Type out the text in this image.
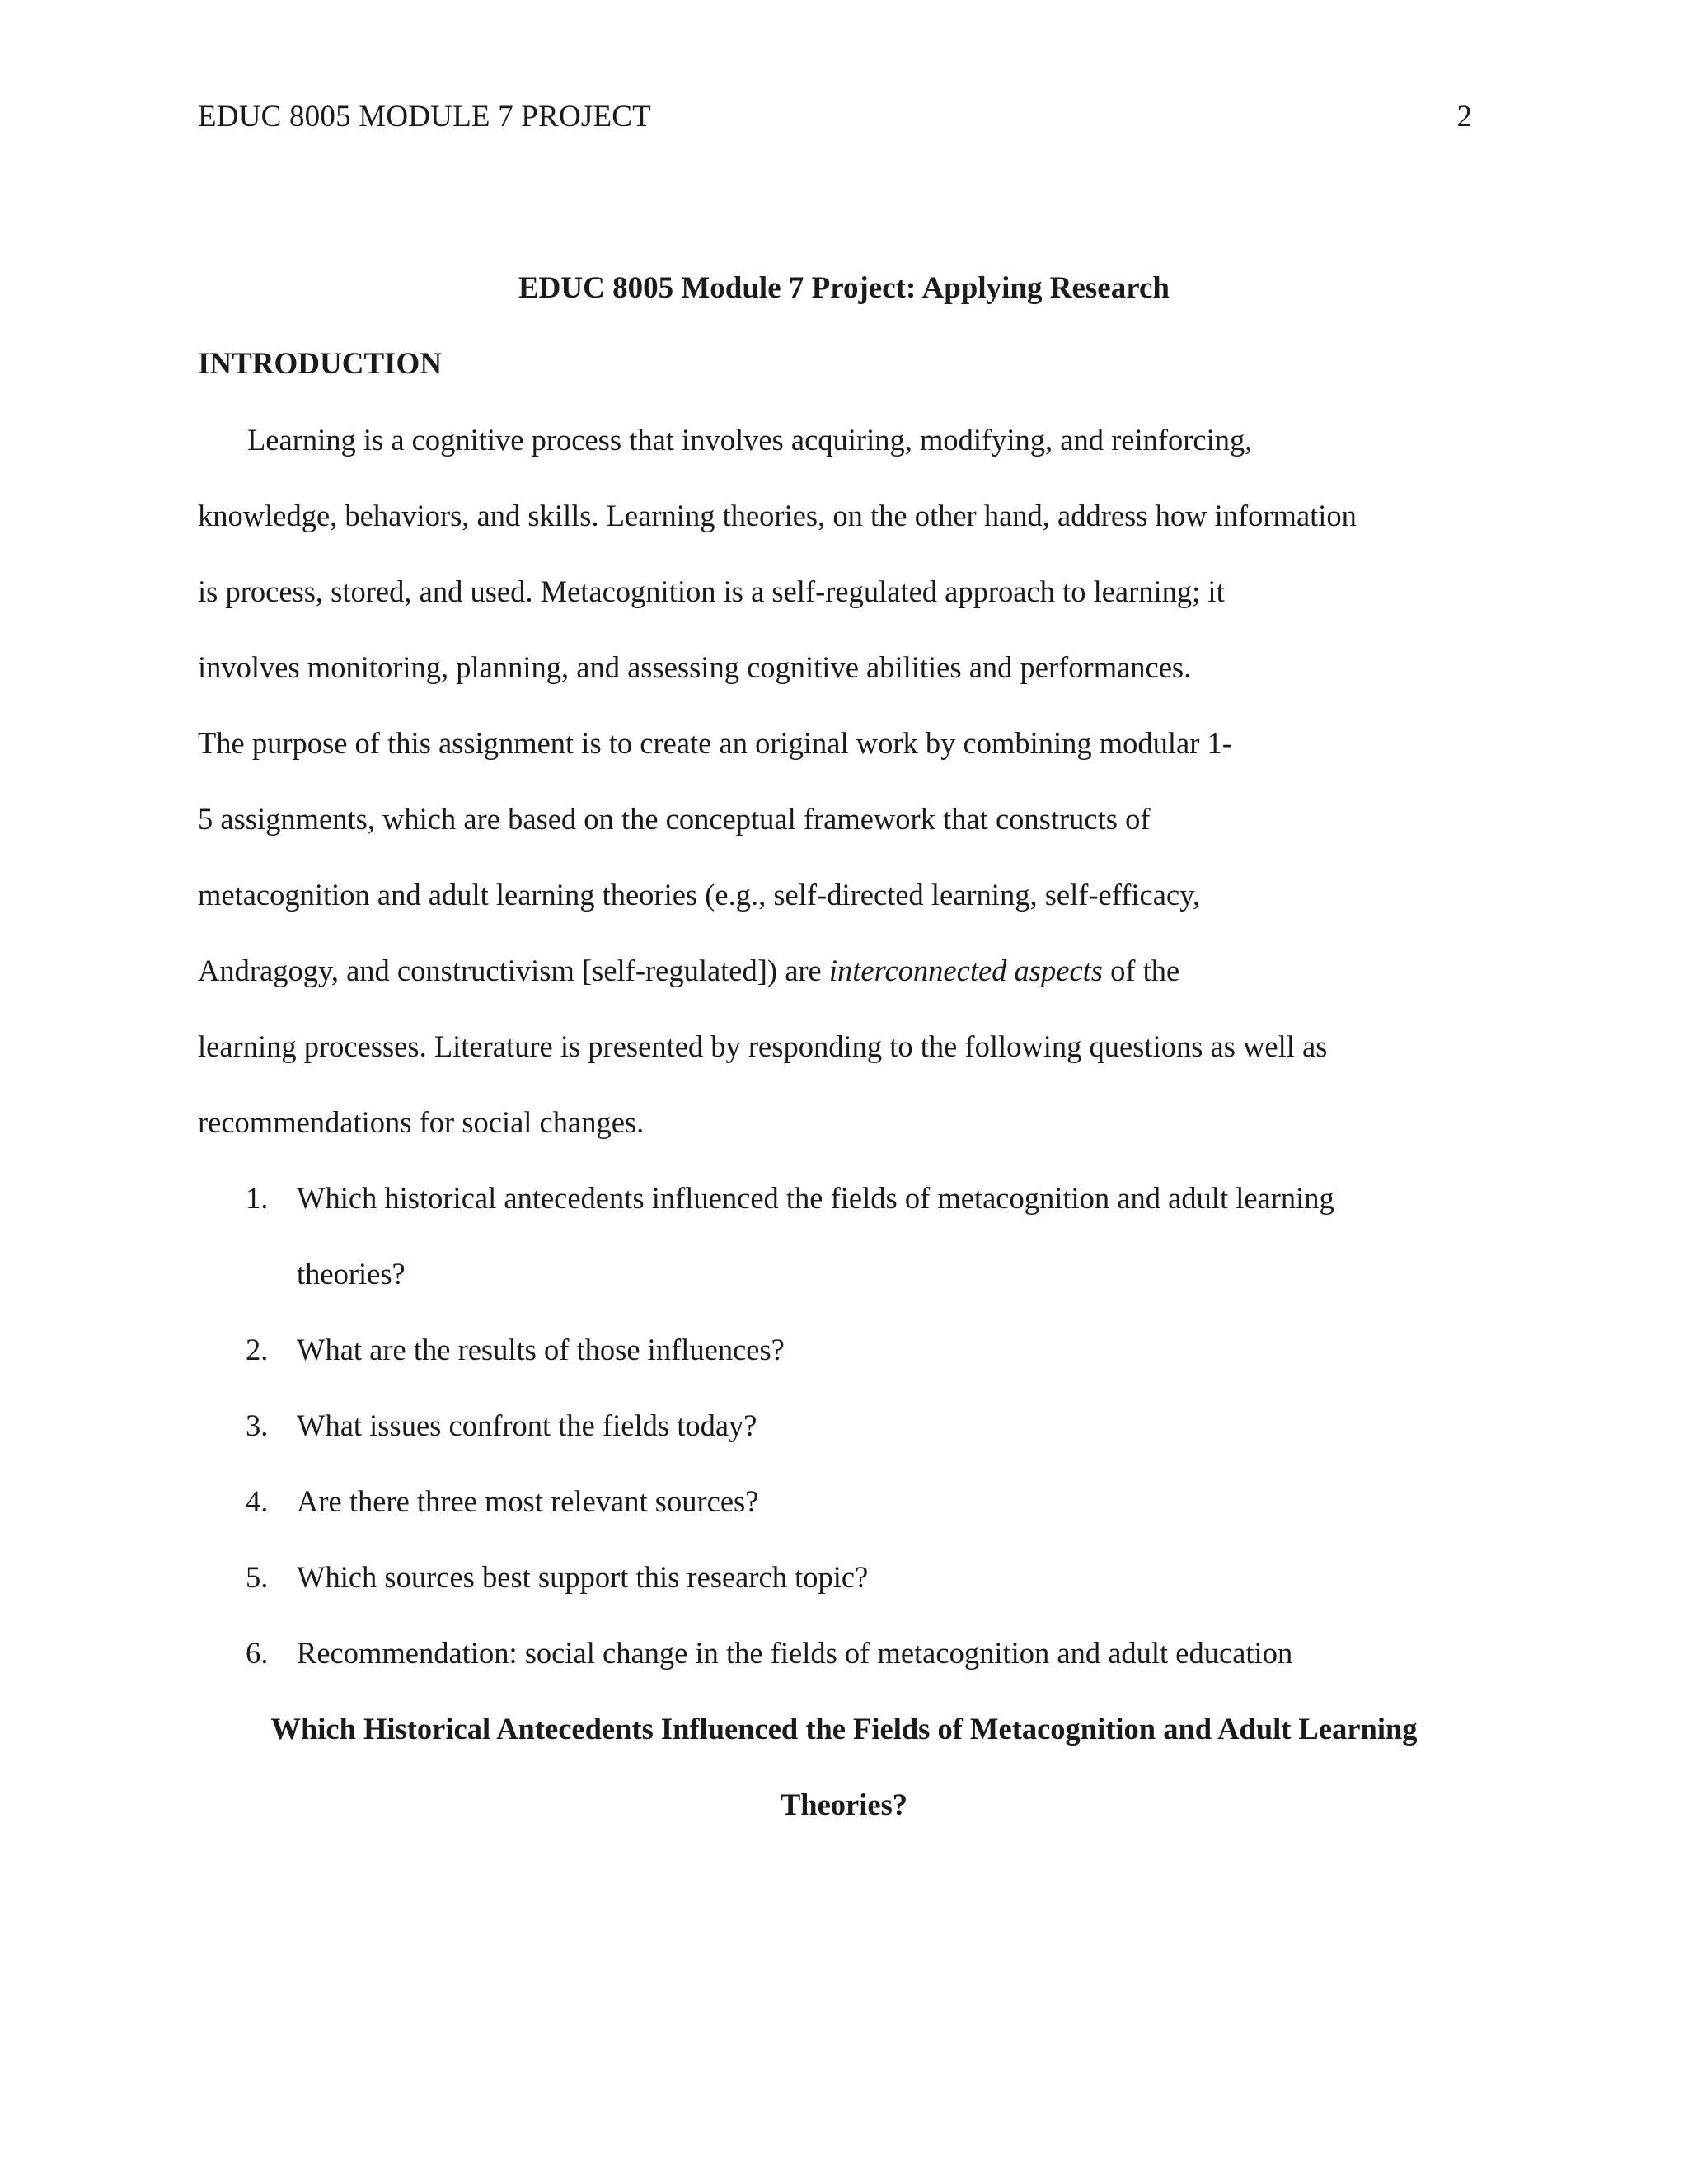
EDUC 8005 MODULE 7 PROJECT	2
EDUC 8005 Module 7 Project: Applying Research
INTRODUCTION
Learning is a cognitive process that involves acquiring, modifying, and reinforcing,
knowledge, behaviors, and skills. Learning theories, on the other hand, address how information
is process, stored, and used. Metacognition is a self-regulated approach to learning; it
involves monitoring, planning, and assessing cognitive abilities and performances.
The purpose of this assignment is to create an original work by combining modular 1-
5 assignments, which are based on the conceptual framework that constructs of
metacognition and adult learning theories (e.g., self-directed learning, self-efficacy,
Andragogy, and constructivism [self-regulated]) are interconnected aspects of the
learning processes. Literature is presented by responding to the following questions as well as
recommendations for social changes.
1. Which historical antecedents influenced the fields of metacognition and adult learning
theories?
2. What are the results of those influences?
3. What issues confront the fields today?
4. Are there three most relevant sources?
5. Which sources best support this research topic?
6. Recommendation: social change in the fields of metacognition and adult education
Which Historical Antecedents Influenced the Fields of Metacognition and Adult Learning
Theories?
